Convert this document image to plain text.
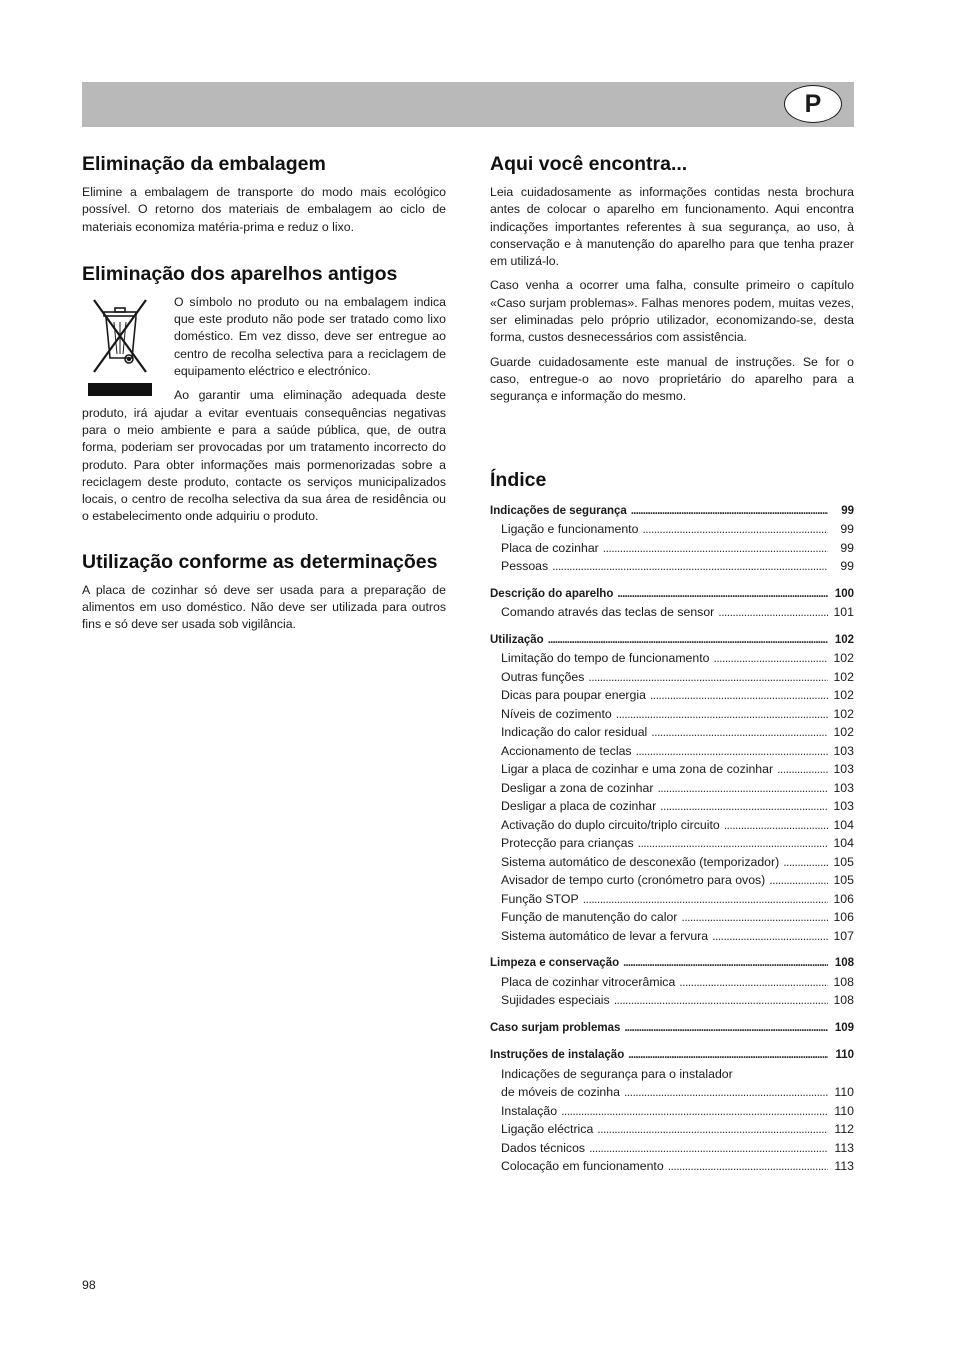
P
Eliminação da embalagem

Elimine a embalagem de transporte do modo mais ecológico possível. O retorno dos materiais de embalagem ao ciclo de materiais economiza matéria-prima e reduz o lixo.

Eliminação dos aparelhos antigos

O símbolo no produto ou na embalagem indica que este produto não pode ser tratado como lixo doméstico. Em vez disso, deve ser entregue ao centro de recolha selectiva para a reciclagem de equipamento eléctrico e electrónico.

Ao garantir uma eliminação adequada deste produto, irá ajudar a evitar eventuais consequências negativas para o meio ambiente e para a saúde pública, que, de outra forma, poderiam ser provocadas por um tratamento incorrecto do produto. Para obter informações mais pormenorizadas sobre a reciclagem deste produto, contacte os serviços municipalizados locais, o centro de recolha selectiva da sua área de residência ou o estabelecimento onde adquiriu o produto.

Utilização conforme as determinações

A placa de cozinhar só deve ser usada para a preparação de alimentos em uso doméstico. Não deve ser utilizada para outros fins e só deve ser usada sob vigilância.

Aqui você encontra...

Leia cuidadosamente as informações contidas nesta brochura antes de colocar o aparelho em funcionamento. Aqui encontra indicações importantes referentes à sua segurança, ao uso, à conservação e à manutenção do aparelho para que tenha prazer em utilizá-lo.

Caso venha a ocorrer uma falha, consulte primeiro o capítulo «Caso surjam problemas». Falhas menores podem, muitas vezes, ser eliminadas pelo próprio utilizador, economizando-se, desta forma, custos desnecessários com assistência.

Guarde cuidadosamente este manual de instruções. Se for o caso, entregue-o ao novo proprietário do aparelho para a segurança e informação do mesmo.

Índice
Indicações de segurança . . .	99
Ligação e funcionamento . . .	99
Placa de cozinhar . . .	99
Pessoas . . .	99
Descrição do aparelho . . .	100
Comando através das teclas de sensor . . .	101
Utilização . . .	102
Limitação do tempo de funcionamento . . .	102
Outras funções . . .	102
Dicas para poupar energia . . .	102
Níveis de cozimento . . .	102
Indicação do calor residual . . .	102
Accionamento de teclas . . .	103
Ligar a placa de cozinhar e uma zona de cozinhar . . .	103
Desligar a zona de cozinhar . . .	103
Desligar a placa de cozinhar . . .	103
Activação do duplo circuito/triplo circuito . . .	104
Protecção para crianças . . .	104
Sistema automático de desconexão (temporizador) . . .	105
Avisador de tempo curto (cronómetro para ovos) . . .	105
Função STOP . . .	106
Função de manutenção do calor . . .	106
Sistema automático de levar a fervura . . .	107
Limpeza e conservação . . .	108
Placa de cozinhar vitrocerâmica . . .	108
Sujidades especiais . . .	108
Caso surjam problemas . . .	109
Instruções de instalação . . .	110
Indicações de segurança para o instalador
de móveis de cozinha . . .	110
Instalação . . .	110
Ligação eléctrica . . .	112
Dados técnicos . . .	113
Colocação em funcionamento . . .	113
98
